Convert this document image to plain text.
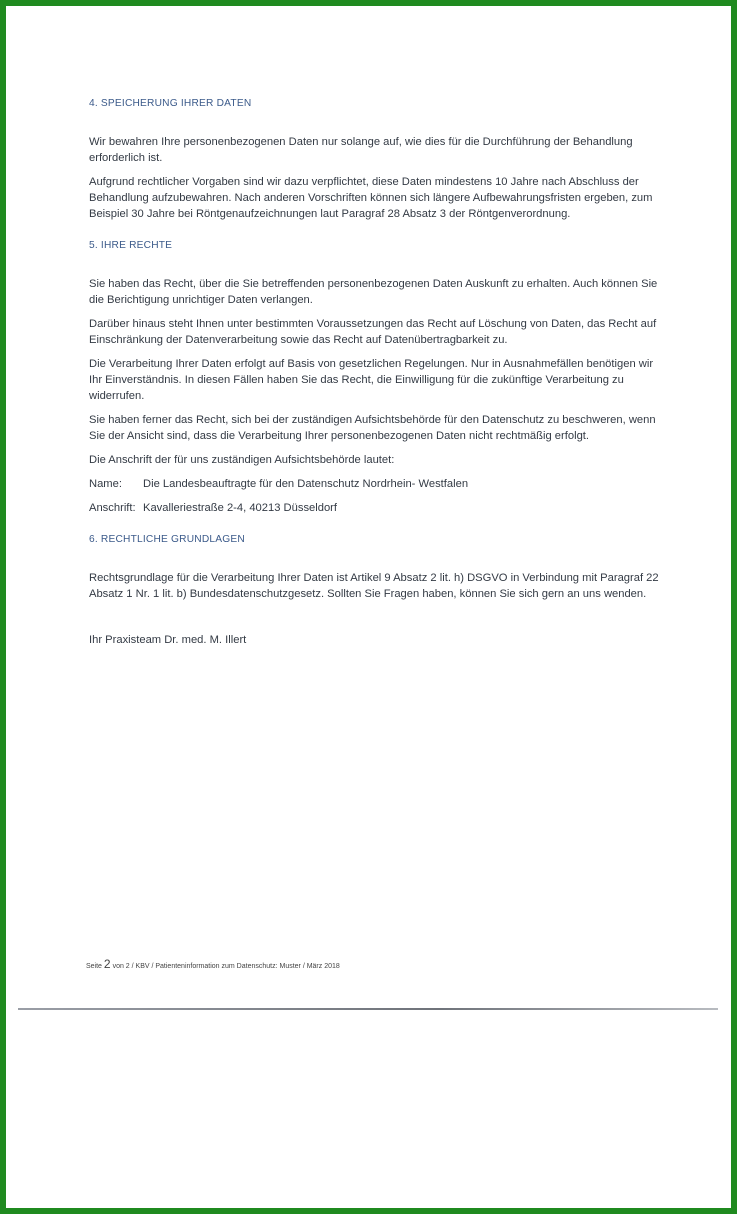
4. SPEICHERUNG IHRER DATEN

Wir bewahren Ihre personenbezogenen Daten nur solange auf, wie dies für die Durchführung der Behandlung erforderlich ist.

Aufgrund rechtlicher Vorgaben sind wir dazu verpflichtet, diese Daten mindestens 10 Jahre nach Abschluss der Behandlung aufzubewahren. Nach anderen Vorschriften können sich längere Aufbewahrungsfristen ergeben, zum Beispiel 30 Jahre bei Röntgenaufzeichnungen laut Paragraf 28 Absatz 3 der Röntgenverordnung.

5. IHRE RECHTE

Sie haben das Recht, über die Sie betreffenden personenbezogenen Daten Auskunft zu erhalten. Auch können Sie die Berichtigung unrichtiger Daten verlangen.

Darüber hinaus steht Ihnen unter bestimmten Voraussetzungen das Recht auf Löschung von Daten, das Recht auf Einschränkung der Datenverarbeitung sowie das Recht auf Datenübertragbarkeit zu.

Die Verarbeitung Ihrer Daten erfolgt auf Basis von gesetzlichen Regelungen. Nur in Ausnahmefällen benötigen wir Ihr Einverständnis. In diesen Fällen haben Sie das Recht, die Einwilligung für die zukünftige Verarbeitung zu widerrufen.

Sie haben ferner das Recht, sich bei der zuständigen Aufsichtsbehörde für den Datenschutz zu beschweren, wenn Sie der Ansicht sind, dass die Verarbeitung Ihrer personenbezogenen Daten nicht rechtmäßig erfolgt.

Die Anschrift der für uns zuständigen Aufsichtsbehörde lautet:

Name:	Die Landesbeauftragte für den Datenschutz Nordrhein- Westfalen
Anschrift: Kavalleriestraße 2-4, 40213 Düsseldorf
6. RECHTLICHE GRUNDLAGEN

Rechtsgrundlage für die Verarbeitung Ihrer Daten ist Artikel 9 Absatz 2 lit. h) DSGVO in Verbindung mit Paragraf 22 Absatz 1 Nr. 1 lit. b) Bundesdatenschutzgesetz. Sollten Sie Fragen haben, können Sie sich gern an uns wenden.

Ihr Praxisteam Dr. med. M. Illert

Seite 2 von 2 / KBV / Patienteninformation zum Datenschutz: Muster / März 2018
